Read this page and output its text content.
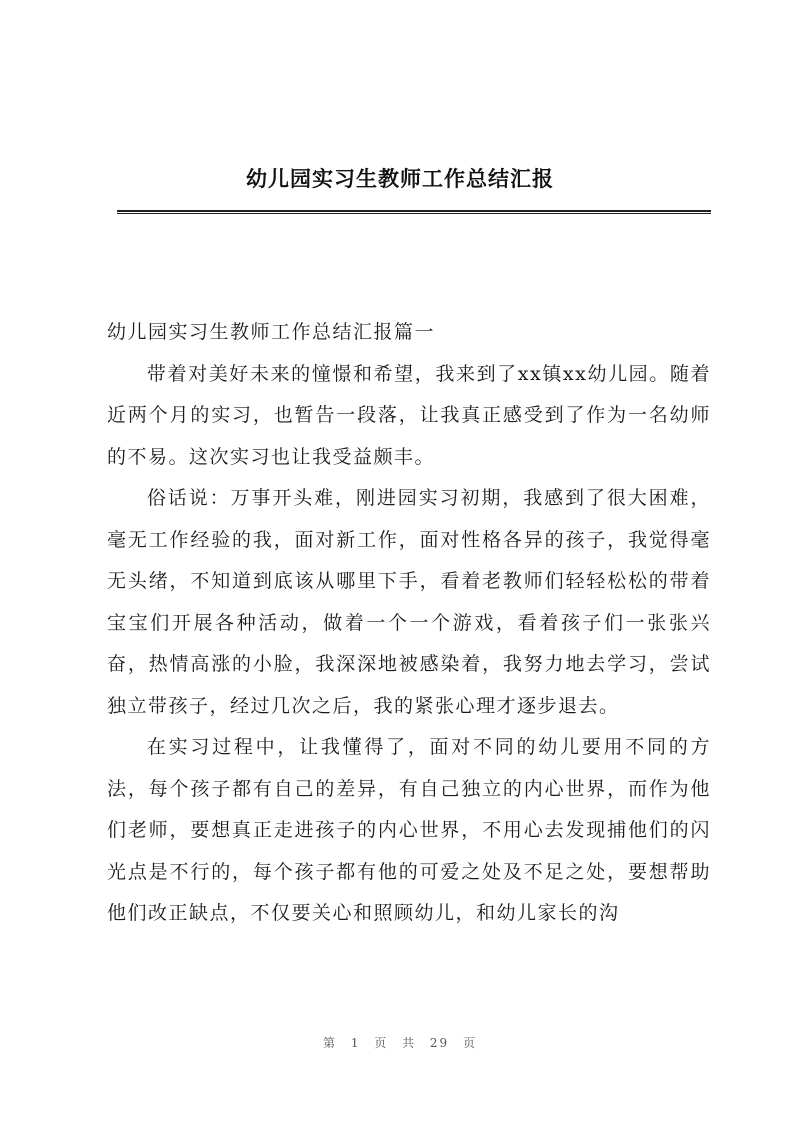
幼儿园实习生教师工作总结汇报

幼儿园实习生教师工作总结汇报篇一

带着对美好未来的憧憬和希望，我来到了xx镇xx幼儿园。随着近两个月的实习，也暂告一段落，让我真正感受到了作为一名幼师的不易。这次实习也让我受益颇丰。

俗话说：万事开头难，刚进园实习初期，我感到了很大困难，毫无工作经验的我，面对新工作，面对性格各异的孩子，我觉得毫无头绪，不知道到底该从哪里下手，看着老教师们轻轻松松的带着宝宝们开展各种活动，做着一个一个游戏，看着孩子们一张张兴奋，热情高涨的小脸，我深深地被感染着，我努力地去学习，尝试独立带孩子，经过几次之后，我的紧张心理才逐步退去。

在实习过程中，让我懂得了，面对不同的幼儿要用不同的方法，每个孩子都有自己的差异，有自己独立的内心世界，而作为他们老师，要想真正走进孩子的内心世界，不用心去发现捕他们的闪光点是不行的，每个孩子都有他的可爱之处及不足之处，要想帮助他们改正缺点，不仅要关心和照顾幼儿，和幼儿家长的沟

第 1 页 共 29 页
